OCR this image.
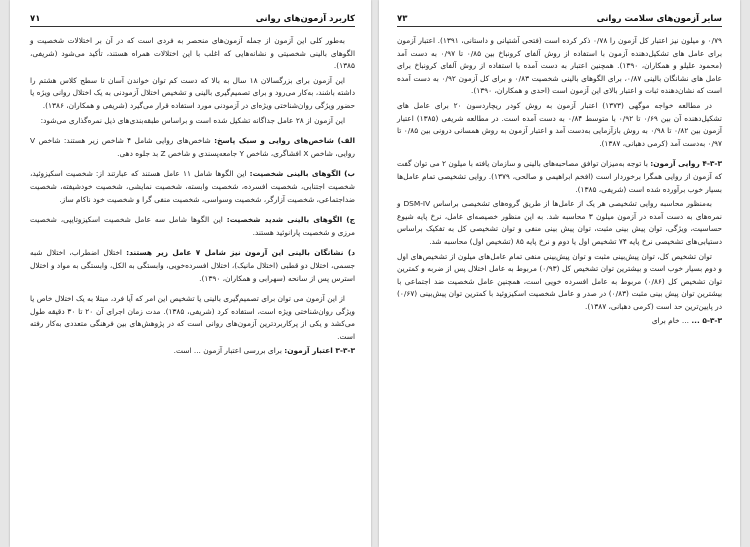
۷۱	کاربرد آزمون‌های روانی

به‌طور کلی این آزمون از جمله آزمون‌های منحصر به فردی است که در آن بر اختلالات شخصیت و الگوهای بالینی شخصیتی و نشانه‌هایی که اغلب با این اختلالات همراه هستند، تأکید می‌شود (شریفی، ۱۳۸۵).

این آزمون برای بزرگسالان ۱۸ سال به بالا که دست کم توان خواندن آسان تا سطح کلاس هشتم را داشته باشند، به‌کار می‌رود و برای تصمیم‌گیری بالینی و تشخیص اختلال آزمودنی به یک اختلال روانی ویژه یا حضور ویژگی روان‌شناختی ویژه‌ای در آزمودنی مورد استفاده قرار می‌گیرد (شریفی و همکاران، ۱۳۸۶).

این آزمون از ۲۸ عامل جداگانه تشکیل شده است و براساس طبقه‌بندی‌های ذیل نمره‌گذاری می‌شود:

الف) شاخص‌های روایی و سبک پاسخ: شاخص‌های روایی شامل ۴ شاخص زیر هستند: شاخص V روایی، شاخص X افشاگری، شاخص Y جامعه‌پسندی و شاخص Z بد جلوه دهی.

ب) الگوهای بالینی شخصیت: این الگوها شامل ۱۱ عامل هستند که عبارتند از: شخصیت اسکیزوئید، شخصیت اجتنابی، شخصیت افسرده، شخصیت وابسته، شخصیت نمایشی، شخصیت خودشیفته، شخصیت ضداجتماعی، شخصیت آزارگر، شخصیت وسواسی، شخصیت منفی گرا و شخصیت خود ناکام ساز.

ج) الگوهای بالینی شدید شخصیت: این الگوها شامل سه عامل شخصیت اسکیزوتایپی، شخصیت مرزی و شخصیت پارانوئید هستند.

د) نشانگان بالینی این آزمون نیز شامل ۷ عامل زیر هستند: اختلال اضطراب، اختلال شبه جسمی، اختلال دو قطبی (اختلال مانیک)، اختلال افسرده‌خویی، وابستگی به الکل، وابستگی به مواد و اختلال استرس پس از سانحه (سهرابی و همکاران، ۱۳۹۰).

از این آزمون می توان برای تصمیم‌گیری بالینی یا تشخیص این امر که آیا فرد، مبتلا به یک اختلال خاص یا ویژگی روان‌شناختی ویژه است، استفاده کرد (شریفی، ۱۳۸۵). مدت زمان اجرای آن ۲۰ تا ۳۰ دقیقه طول می‌کشد و یکی از پرکاربردترین آزمون‌های روانی است که در پژوهش‌های بین فرهنگی متعددی به‌کار رفته است.

۳-۳-۳ اعتبار آزمون: برای بررسی اعتبار آزمون ... است.

۷۳	سایر آزمون‌های سلامت روانی

۰/۷۹ و میلون نیز اعتبار کل آزمون را ۰/۷۸ ذکر کرده است (فتحی آشتیانی و داستانی، ۱۳۹۱). اعتبار آزمون برای عامل های تشکیل‌دهنده آزمون با استفاده از روش آلفای کرونباخ بین ۰/۸۵ تا ۰/۹۷ به دست آمد (محمود علیلو و همکاران، ۱۳۹۰). همچنین اعتبار به دست آمده با استفاده از روش آلفای کرونباخ برای عامل های نشانگان بالینی ۰/۸۷، برای الگوهای بالینی شخصیت ۰/۸۳ و برای کل آزمون ۰/۹۲ به دست آمده است که نشان‌دهنده ثبات و اعتبار بالای این آزمون است (احدی و همکاران، ۱۳۹۰).

در مطالعه خواجه موگهی (۱۳۷۳) اعتبار آزمون به روش کودر ریچاردسون ۲۰ برای عامل های تشکیل‌دهنده آن بین ۰/۶۹ تا ۰/۹۲ با متوسط ۰/۸۴ به دست آمده است. در مطالعه شریفی (۱۳۸۵) اعتبار آزمون بین ۰/۸۲ تا ۰/۹۸ به روش بازآزمایی به‌دست آمد و اعتبار آزمون به روش همسانی درونی بین ۰/۸۵ تا ۰/۹۷ به‌دست آمد (کرمی دهبانی، ۱۳۸۷).

۴-۳-۳ روایی آزمون: با توجه به‌میزان توافق مصاحبه‌های بالینی و سازمان یافته با میلون ۲ می توان گفت که آزمون از روایی همگرا برخوردار است (افخم ابراهیمی و صالحی، ۱۳۷۹). روایی تشخیصی تمام عامل‌ها بسیار خوب برآورده شده است (شریفی، ۱۳۸۵).

به‌منظور محاسبه روایی تشخیصی هر یک از عامل‌ها از طریق گروه‌های تشخیصی براساس DSM-IV و نمره‌های به دست آمده در آزمون میلون ۳ محاسبه شد. به این منظور خصیصه‌ای عامل، نرخ پایه شیوع حساسیت، ویژگی، توان پیش بینی مثبت، توان پیش بینی منفی و توان تشخیصی کل به تفکیک براساس دستیابی‌های تشخیصی نرخ پایه ۷۴ تشخیص اول یا دوم و نرخ پایه ۸۵ (تشخیص اول) محاسبه شد.

توان تشخیص کل، توان پیش‌بینی مثبت و توان پیش‌بینی منفی تمام عامل‌های میلون از تشخیص‌های اول و دوم بسیار خوب است و بیشترین توان تشخیص کل (۰/۹۳) مربوط به عامل اختلال پس از ضربه و کمترین توان تشخیص کل (۰/۸۶) مربوط به عامل افسرده خویی است، همچنین عامل شخصیت ضد اجتماعی با بیشترین توان پیش بینی مثبت (۰/۸۳) در صدر و عامل شخصیت اسکیزوئید با کمترین توان پیش‌بینی (۰/۶۷) در پایین‌ترین حد است (کرمی دهبانی، ۱۳۸۷).

۵-۳-۳ ... ... خام برای
